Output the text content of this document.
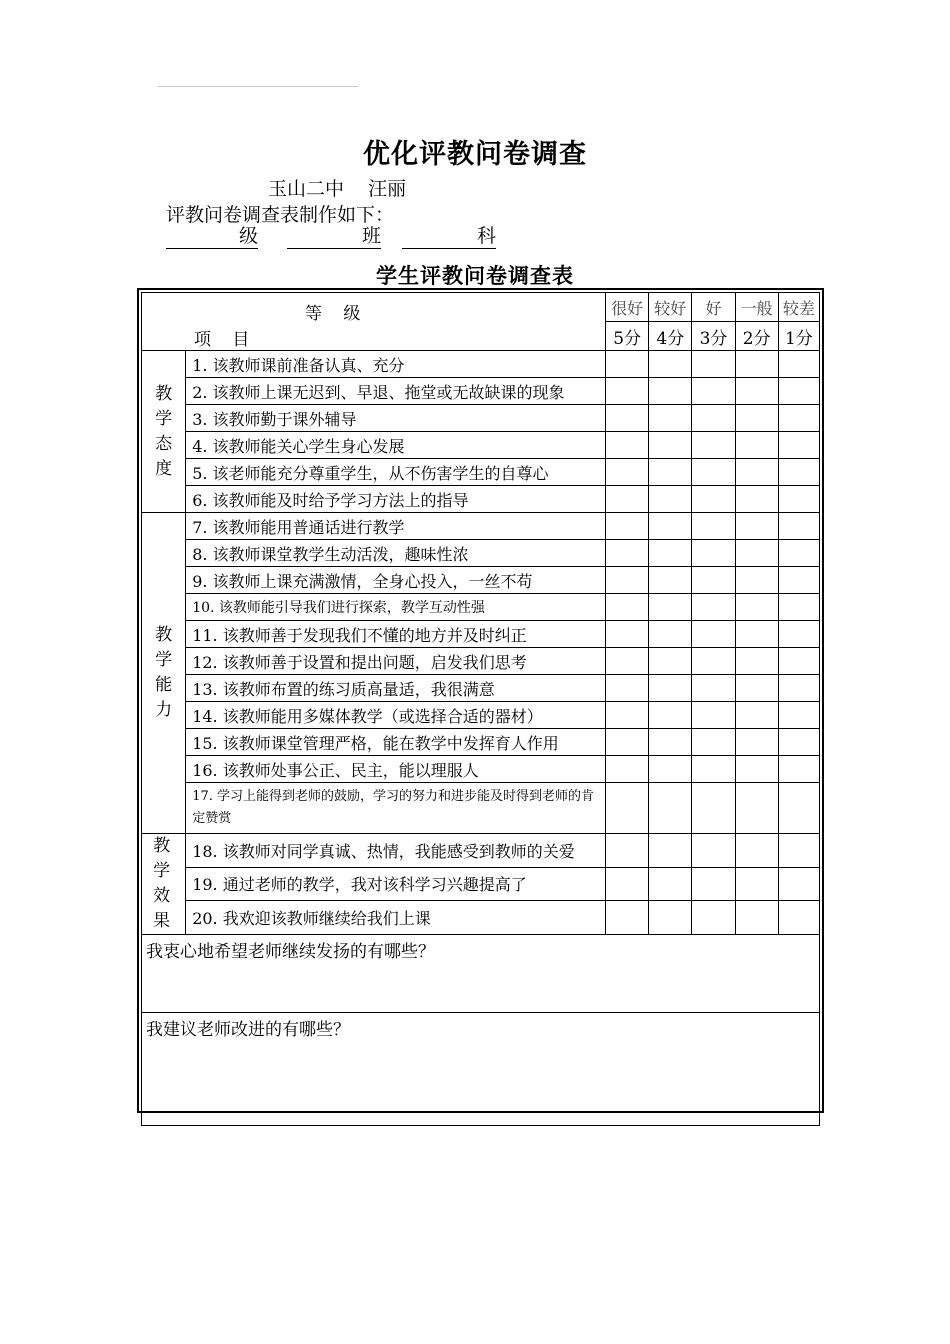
优化评教问卷调查
玉山二中    汪丽
评教问卷调查表制作如下：
级	班	科
学生评教问卷调查表
等 级
项 目		很好	较好	好	一般	较差
		5分	4分	3分	2分	1分
教学态度	1. 该教师课前准备认真、充分					
	2. 该教师上课无迟到、早退、拖堂或无故缺课的现象					
	3. 该教师勤于课外辅导					
	4. 该教师能关心学生身心发展					
	5. 该老师能充分尊重学生，从不伤害学生的自尊心					
	6. 该教师能及时给予学习方法上的指导					
教学能力	7. 该教师能用普通话进行教学					
	8. 该教师课堂教学生动活泼，趣味性浓					
	9. 该教师上课充满激情，全身心投入，一丝不苟					
	10. 该教师能引导我们进行探索，教学互动性强					
	11. 该教师善于发现我们不懂的地方并及时纠正					
	12. 该教师善于设置和提出问题，启发我们思考					
	13. 该教师布置的练习质高量适，我很满意					
	14. 该教师能用多媒体教学（或选择合适的器材）					
	15. 该教师课堂管理严格，能在教学中发挥育人作用					
	16. 该教师处事公正、民主，能以理服人					
	17. 学习上能得到老师的鼓励，学习的努力和进步能及时得到老师的肯定赞赏					
教学效果	18. 该教师对同学真诚、热情，我能感受到教师的关爱					
	19. 通过老师的教学，我对该科学习兴趣提高了					
	20. 我欢迎该教师继续给我们上课					
我衷心地希望老师继续发扬的有哪些？						
我建议老师改进的有哪些？						
